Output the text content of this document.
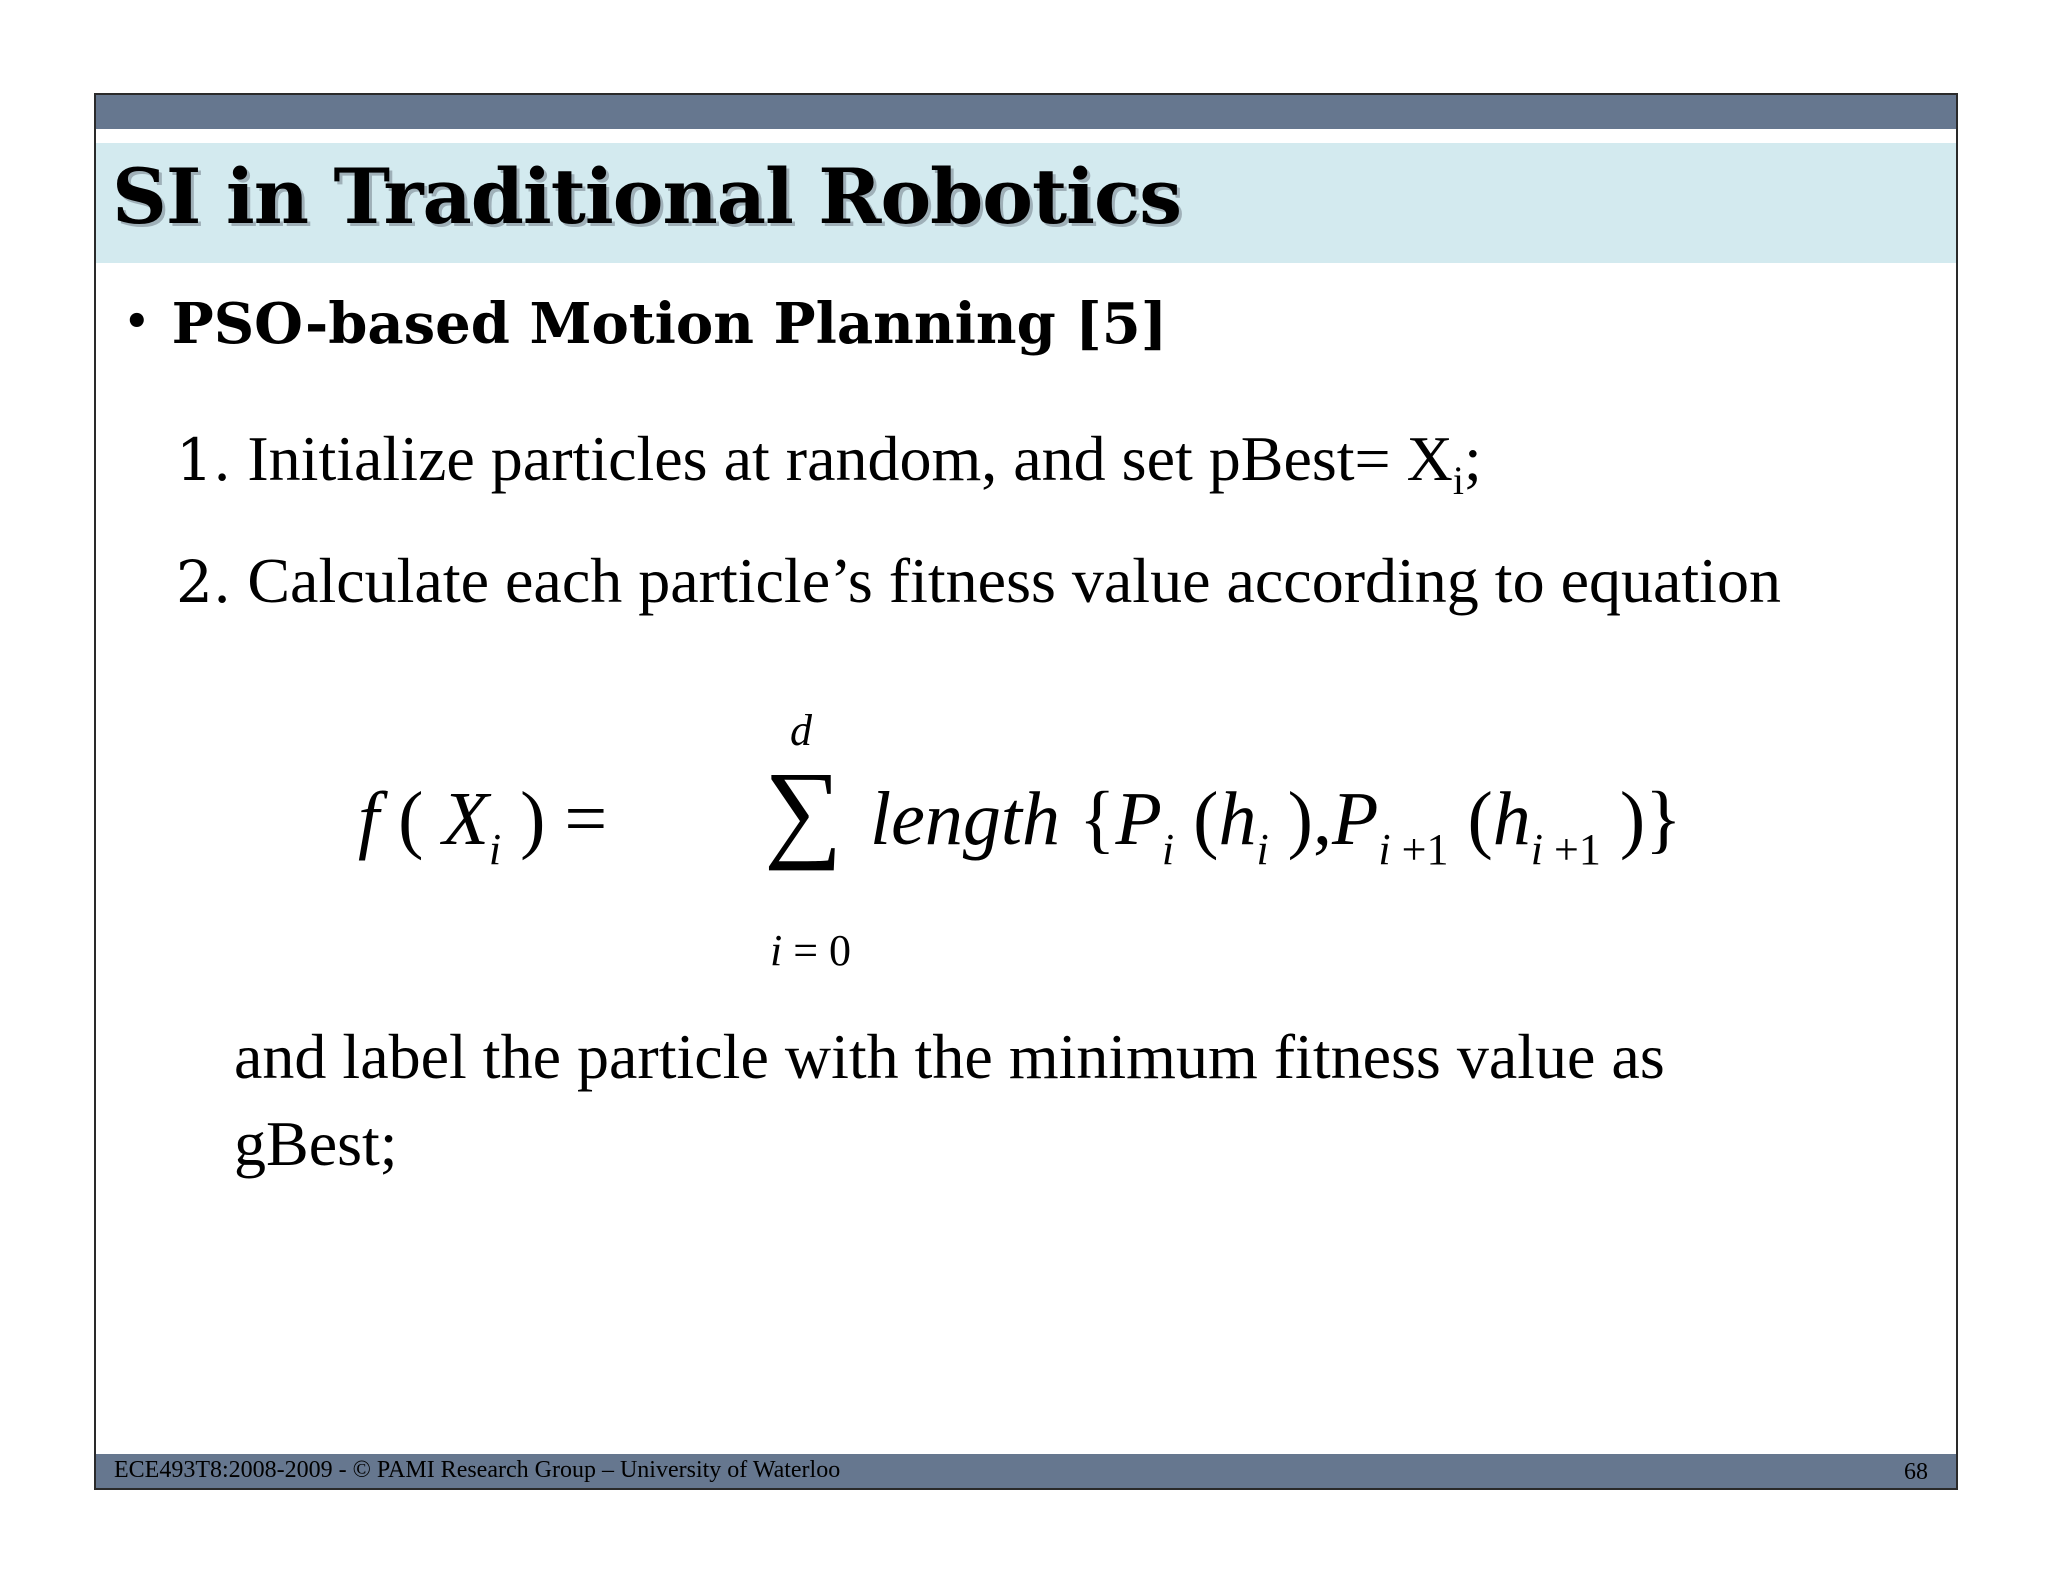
SI in Traditional Robotics
• PSO-based Motion Planning [5]
1. Initialize particles at random, and set pBest= $X_i$;
2. Calculate each particle’s fitness value according to equation
f ( $X_i$ ) =
d
∑
i = 0
length {$P_i$ ($h_i$ )$,P_{i +1}$ ($h_{i +1}$ )}
and label the particle with the minimum fitness value as gBest;
ECE493T8:2008-2009 - © PAMI Research Group – University of Waterloo	68
